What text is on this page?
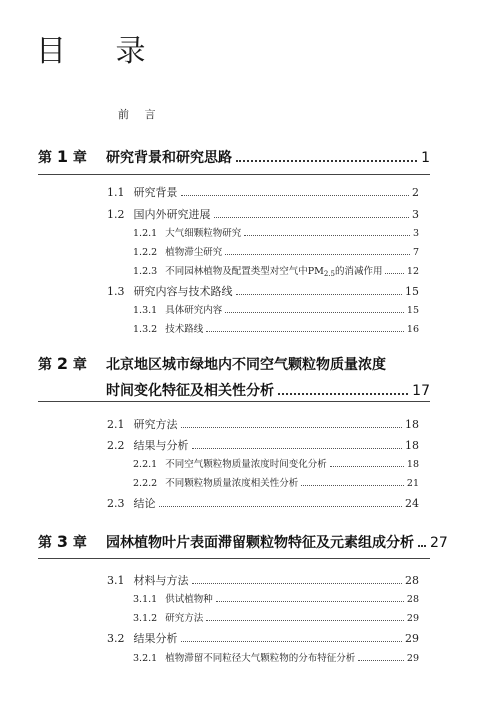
目 录
前 言
第 1 章	研究背景和研究思路	1
1.1 研究背景	2
1.2 国内外研究进展	3
1.2.1 大气细颗粒物研究	3
1.2.2 植物滞尘研究	7
1.2.3 不同园林植物及配置类型对空气中$PM_{2.5}$的消减作用	12
1.3 研究内容与技术路线	15
1.3.1 具体研究内容	15
1.3.2 技术路线	16
第 2 章	北京地区城市绿地内不同空气颗粒物质量浓度
时间变化特征及相关性分析	17
2.1 研究方法	18
2.2 结果与分析	18
2.2.1 不同空气颗粒物质量浓度时间变化分析	18
2.2.2 不同颗粒物质量浓度相关性分析	21
2.3 结论	24
第 3 章	园林植物叶片表面滞留颗粒物特征及元素组成分析 27
3.1 材料与方法	28
3.1.1 供试植物种	28
3.1.2 研究方法	29
3.2 结果分析	29
3.2.1 植物滞留不同粒径大气颗粒物的分布特征分析	29
